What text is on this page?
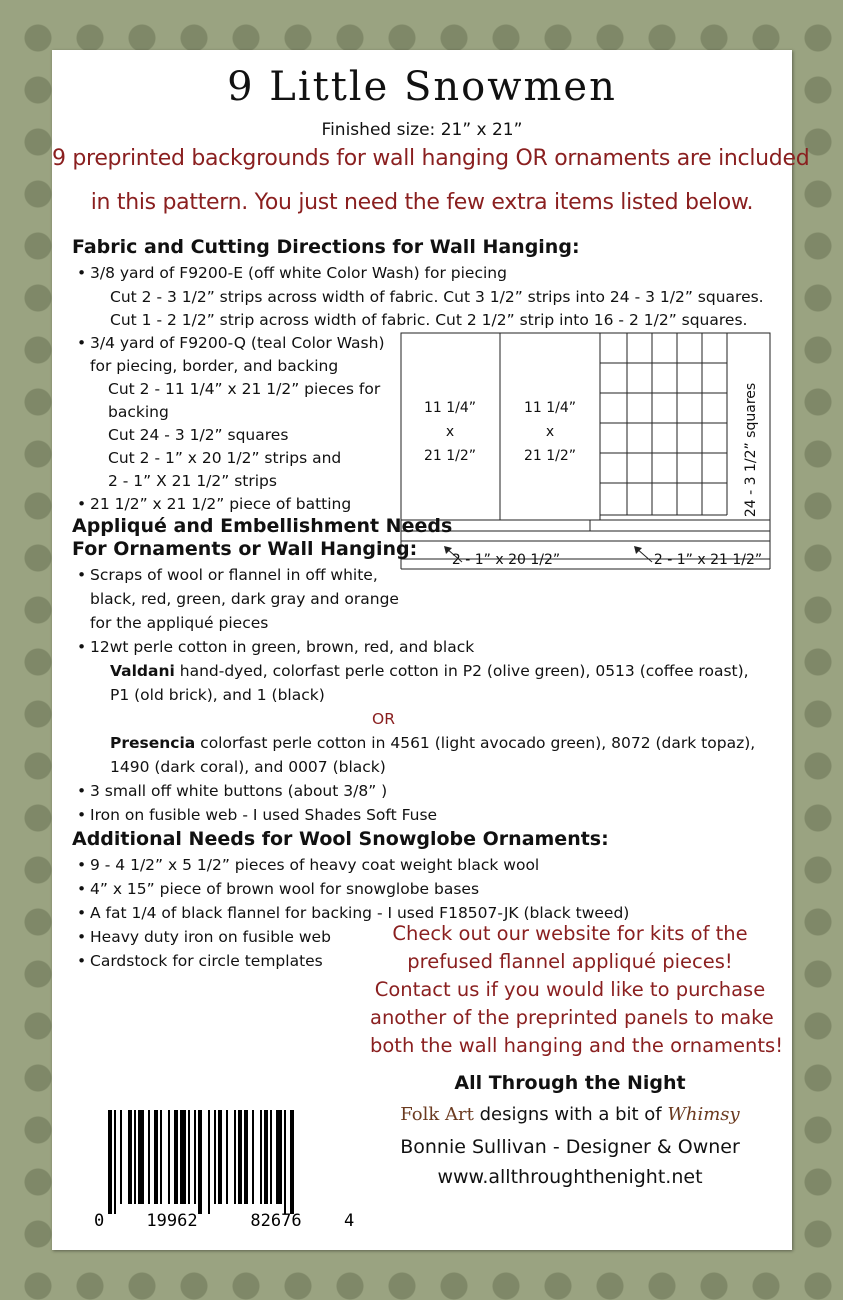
9 Little Snowmen
Finished size: 21” x 21”
9 preprinted backgrounds for wall hanging OR ornaments are included
in this pattern. You just need the few extra items listed below.
Fabric and Cutting Directions for Wall Hanging:
• 3/8 yard of F9200-E (off white Color Wash) for piecing
Cut 2 - 3 1/2” strips across width of fabric. Cut 3 1/2” strips into 24 - 3 1/2” squares.
Cut 1 - 2 1/2” strip across width of fabric. Cut 2 1/2” strip into 16 - 2 1/2” squares.
• 3/4 yard of F9200-Q (teal Color Wash)
for piecing, border, and backing
Cut 2 - 11 1/4” x 21 1/2” pieces for
backing
Cut 24 - 3 1/2” squares
Cut 2 - 1” x 20 1/2” strips and
2 - 1” X 21 1/2” strips
• 21 1/2” x 21 1/2” piece of batting
11 1/4”
x
21 1/2”
11 1/4”
x
21 1/2”	24 - 3 1/2” squares
2 - 1” x 20 1/2”	2 - 1” x 21 1/2”
Appliqué and Embellishment Needs
For Ornaments or Wall Hanging:
• Scraps of wool or flannel in off white,
black, red, green, dark gray and orange
for the appliqué pieces
• 12wt perle cotton in green, brown, red, and black
Valdani hand-dyed, colorfast perle cotton in P2 (olive green), 0513 (coffee roast),
P1 (old brick), and 1 (black)
OR
Presencia colorfast perle cotton in 4561 (light avocado green), 8072 (dark topaz),
1490 (dark coral), and 0007 (black)
• 3 small off white buttons (about 3/8” )
• Iron on fusible web - I used Shades Soft Fuse
Additional Needs for Wool Snowglobe Ornaments:
• 9 - 4 1/2” x 5 1/2” pieces of heavy coat weight black wool
• 4” x 15” piece of brown wool for snowglobe bases
• A fat 1/4 of black flannel for backing - I used F18507-JK (black tweed)
• Heavy duty iron on fusible web
• Cardstock for circle templates
Check out our website for kits of the
prefused flannel appliqué pieces!
Contact us if you would like to purchase
another of the preprinted panels to make
both the wall hanging and the ornaments!
All Through the Night
Folk Art designs with a bit of Whimsy
Bonnie Sullivan - Designer & Owner
www.allthroughthenight.net
0 19962	82676 4
